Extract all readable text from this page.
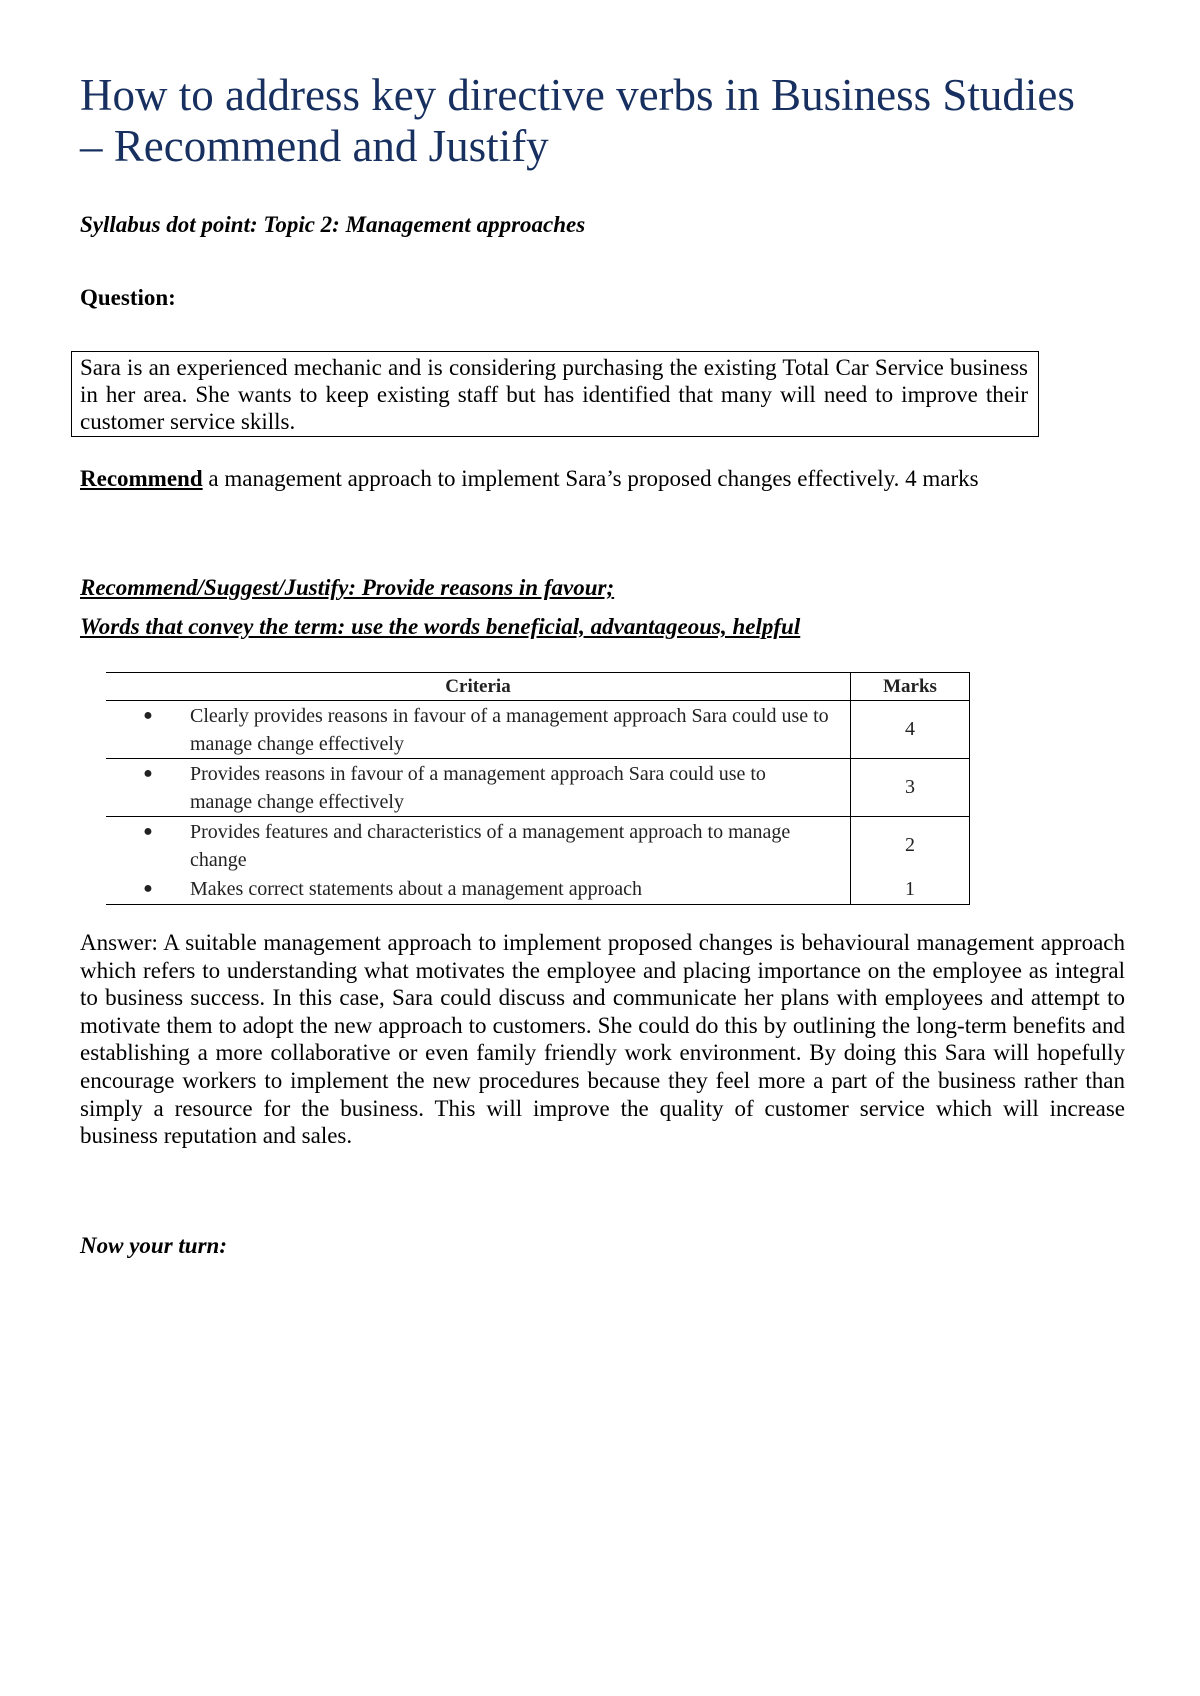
How to address key directive verbs in Business Studies – Recommend and Justify
Syllabus dot point: Topic 2: Management approaches
Question:
Sara is an experienced mechanic and is considering purchasing the existing Total Car Service business in her area. She wants to keep existing staff but has identified that many will need to improve their customer service skills.
Recommend a management approach to implement Sara’s proposed changes effectively. 4 marks
Recommend/Suggest/Justify: Provide reasons in favour;
Words that convey the term: use the words beneficial, advantageous, helpful
Criteria	Marks

● Clearly provides reasons in favour of a management approach Sara could use to manage change effectively	4

● Provides reasons in favour of a management approach Sara could use to manage change effectively	3

● Provides features and characteristics of a management approach to manage change	2

● Makes correct statements about a management approach	1

Answer: A suitable management approach to implement proposed changes is behavioural management approach which refers to understanding what motivates the employee and placing importance on the employee as integral to business success. In this case, Sara could discuss and communicate her plans with employees and attempt to motivate them to adopt the new approach to customers. She could do this by outlining the long-term benefits and establishing a more collaborative or even family friendly work environment. By doing this Sara will hopefully encourage workers to implement the new procedures because they feel more a part of the business rather than simply a resource for the business. This will improve the quality of customer service which will increase business reputation and sales.

Now your turn:
